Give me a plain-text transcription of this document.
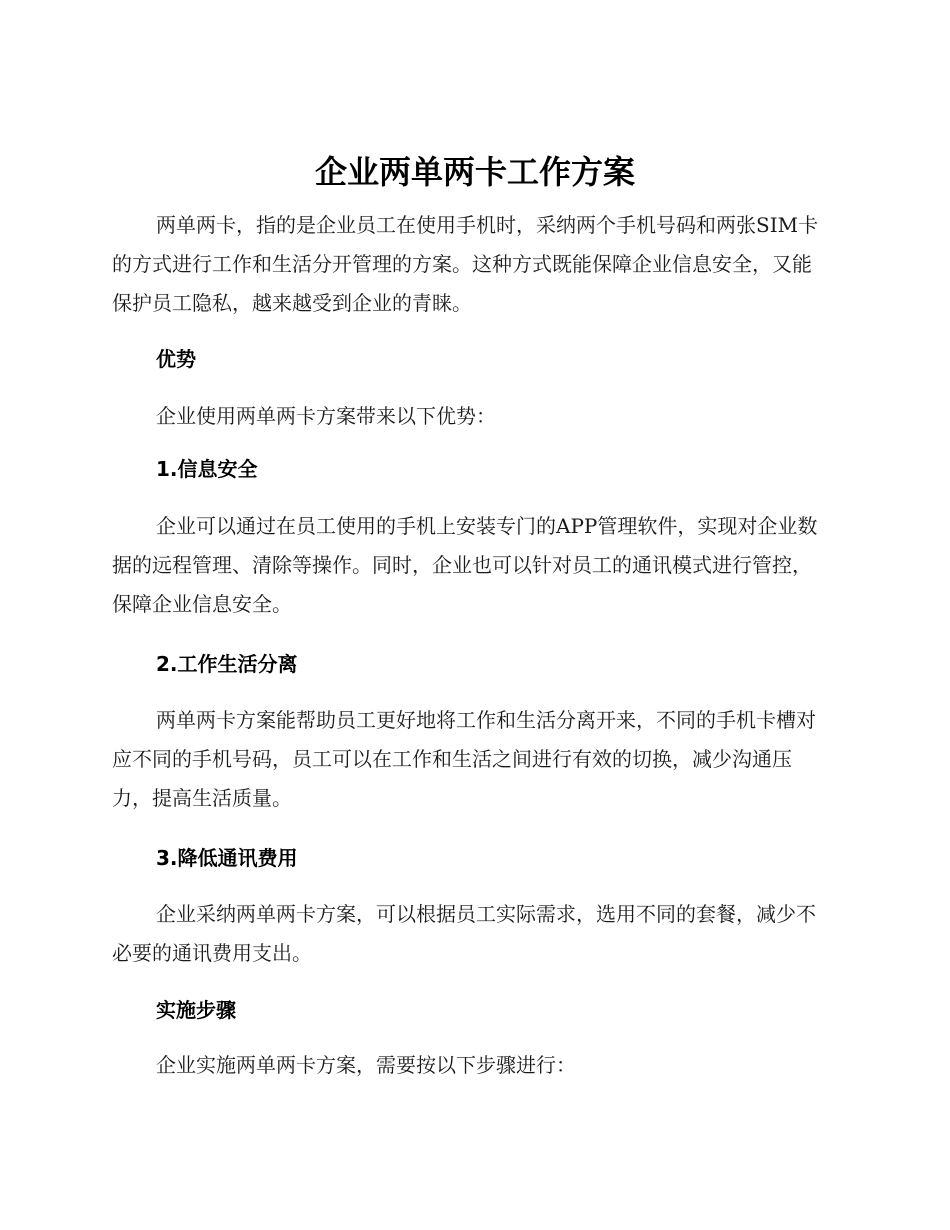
企业两单两卡工作方案

两单两卡，指的是企业员工在使用手机时，采纳两个手机号码和两张SIM卡的方式进行工作和生活分开管理的方案。这种方式既能保障企业信息安全，又能保护员工隐私，越来越受到企业的青睐。

优势

企业使用两单两卡方案带来以下优势：

1.信息安全

企业可以通过在员工使用的手机上安装专门的APP管理软件，实现对企业数据的远程管理、清除等操作。同时，企业也可以针对员工的通讯模式进行管控，保障企业信息安全。

2.工作生活分离

两单两卡方案能帮助员工更好地将工作和生活分离开来，不同的手机卡槽对应不同的手机号码，员工可以在工作和生活之间进行有效的切换，减少沟通压力，提高生活质量。

3.降低通讯费用

企业采纳两单两卡方案，可以根据员工实际需求，选用不同的套餐，减少不必要的通讯费用支出。

实施步骤

企业实施两单两卡方案，需要按以下步骤进行：
